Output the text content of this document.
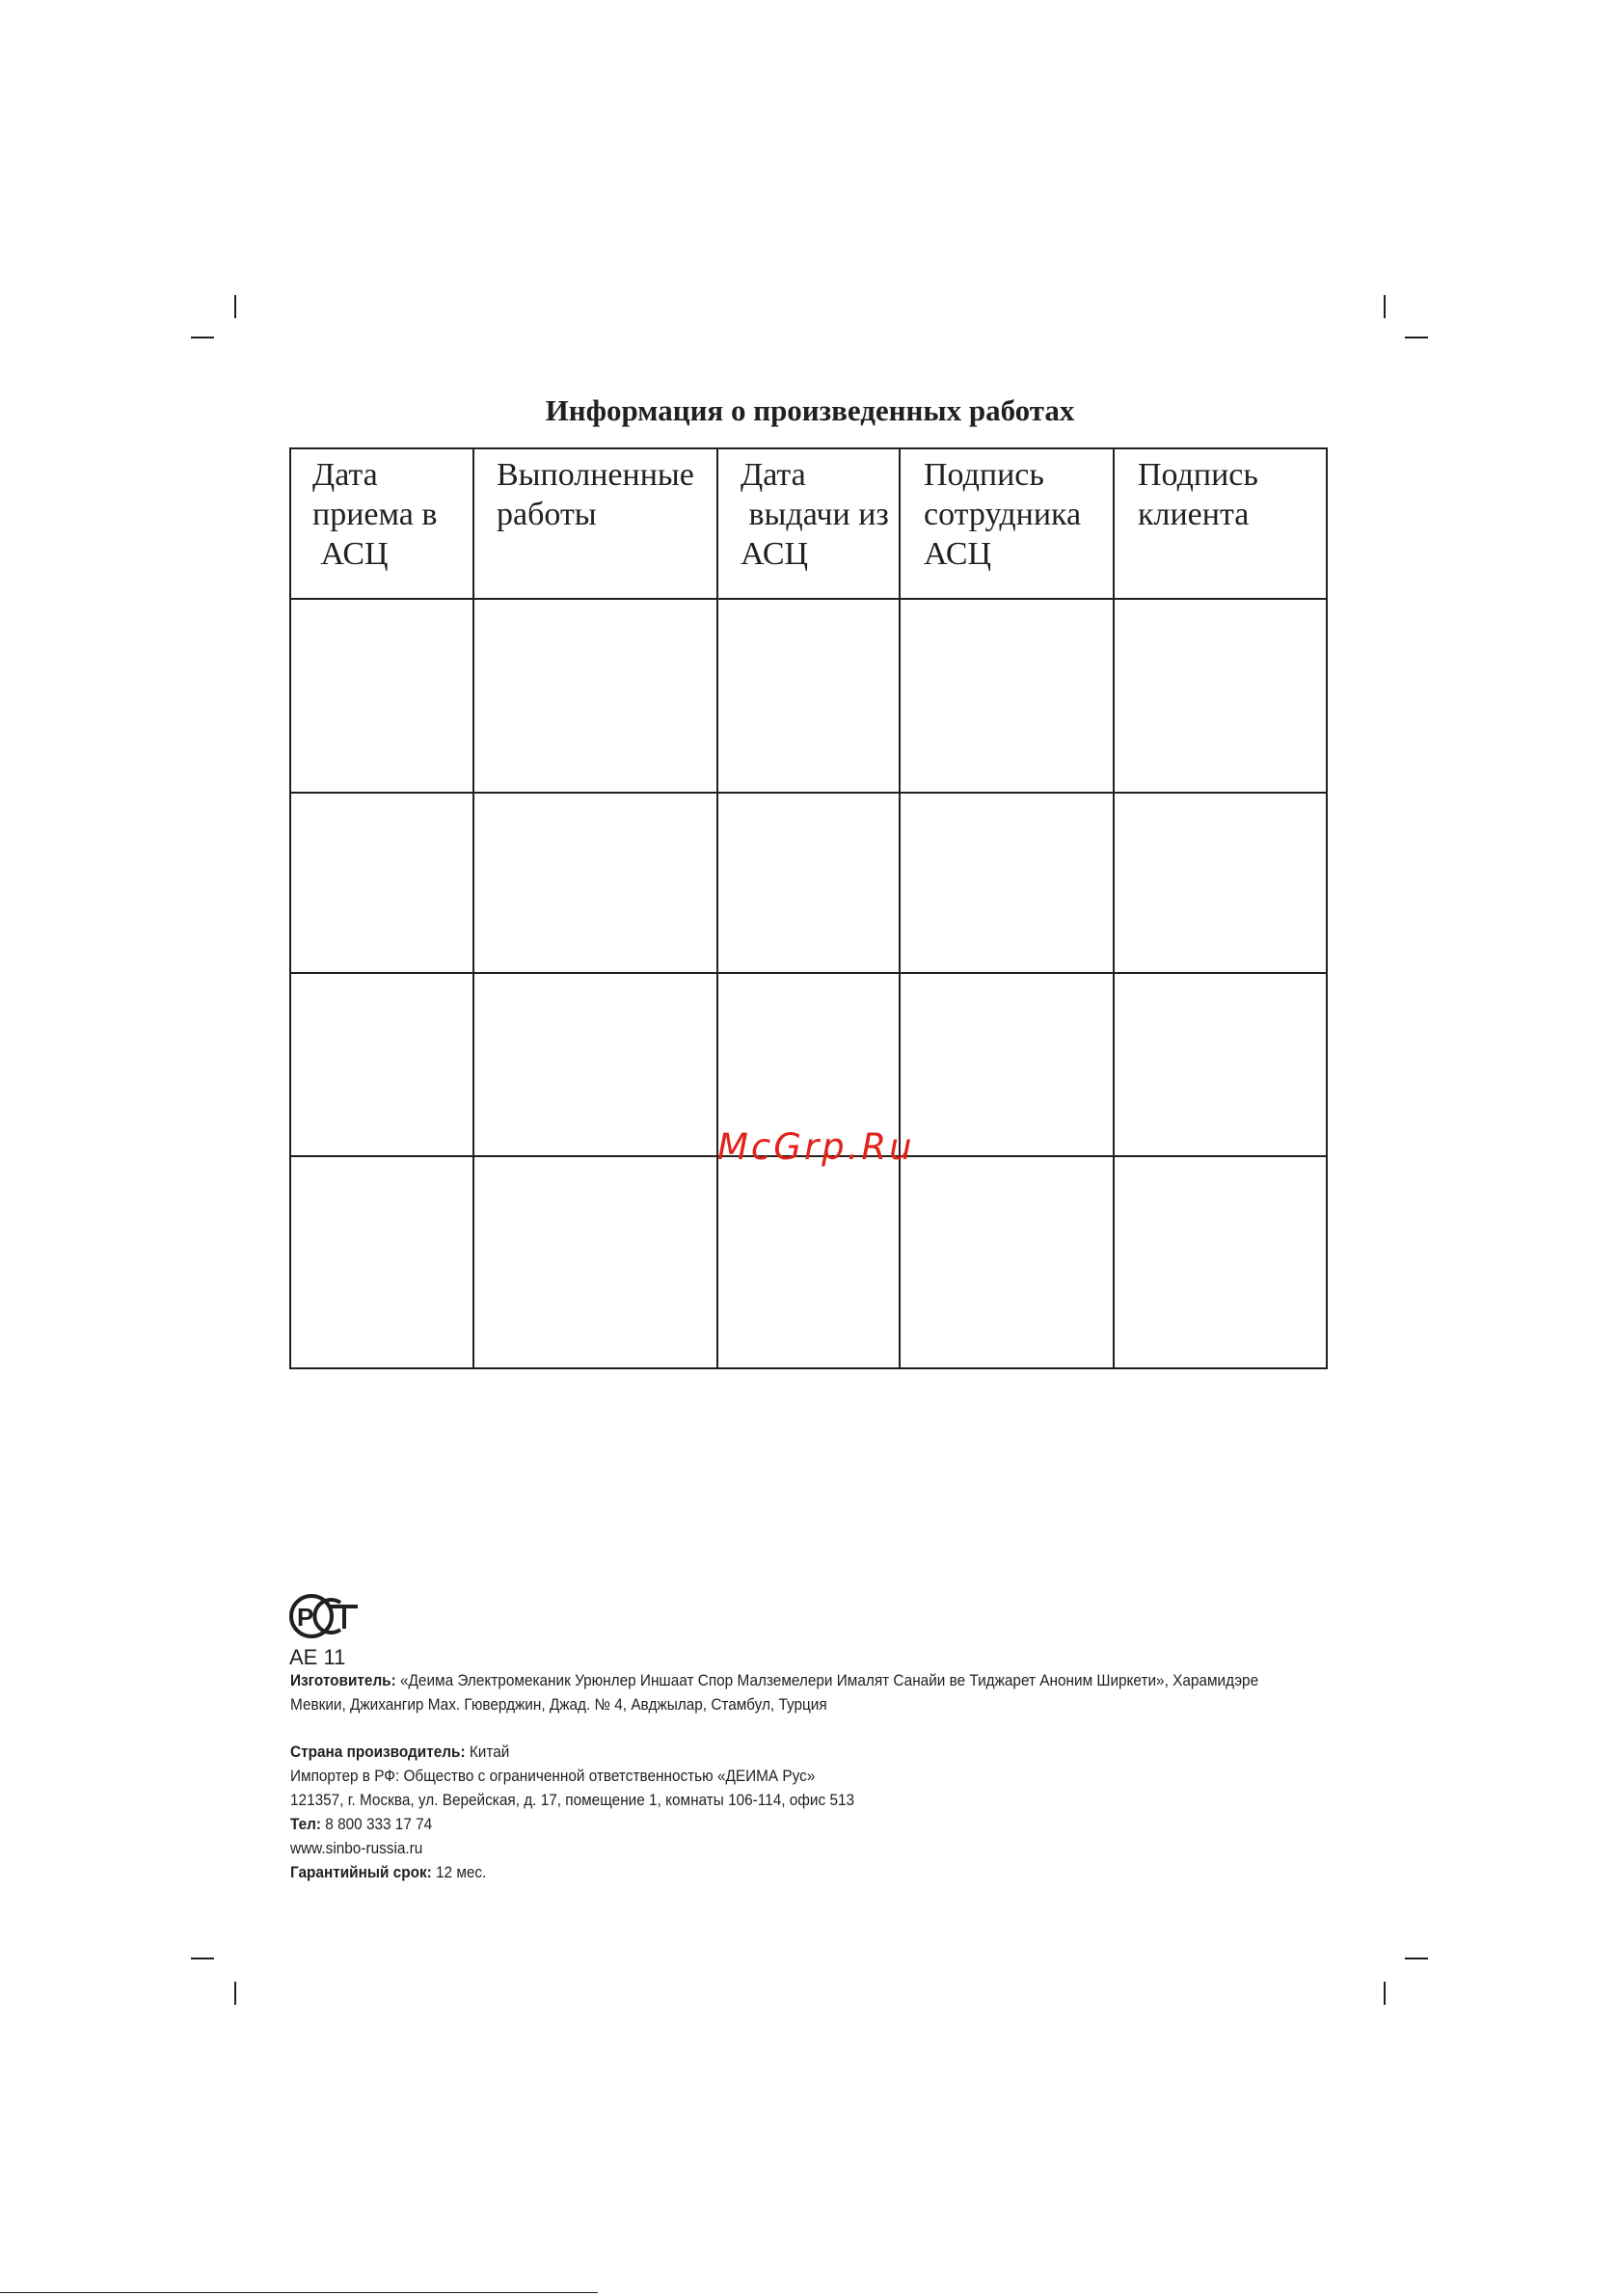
Информация о произведенных работах
Дата
приема в
АСЦ
Выполненные
работы
Дата
выдачи из
АСЦ
Подпись
сотрудника
АСЦ
Подпись
клиента
McGrp.Ru
Р
AE 11
Изготовитель: «Деима Электромеканик Урюнлер Иншаат Спор Малземелери Ималят Санайи ве Тиджарет Аноним Ширкети», Харамидэре
Мевкии, Джихангир Мах. Гюверджин, Джад. № 4, Авджылар, Стамбул, Турция
Страна производитель: Китай
Импортер в РФ: Общество с ограниченной ответственностью «ДЕИМА Рус»
121357, г. Москва, ул. Верейская, д. 17, помещение 1, комнаты 106-114, офис 513
Тел: 8 800 333 17 74
www.sinbo-russia.ru
Гарантийный срок: 12 мес.
